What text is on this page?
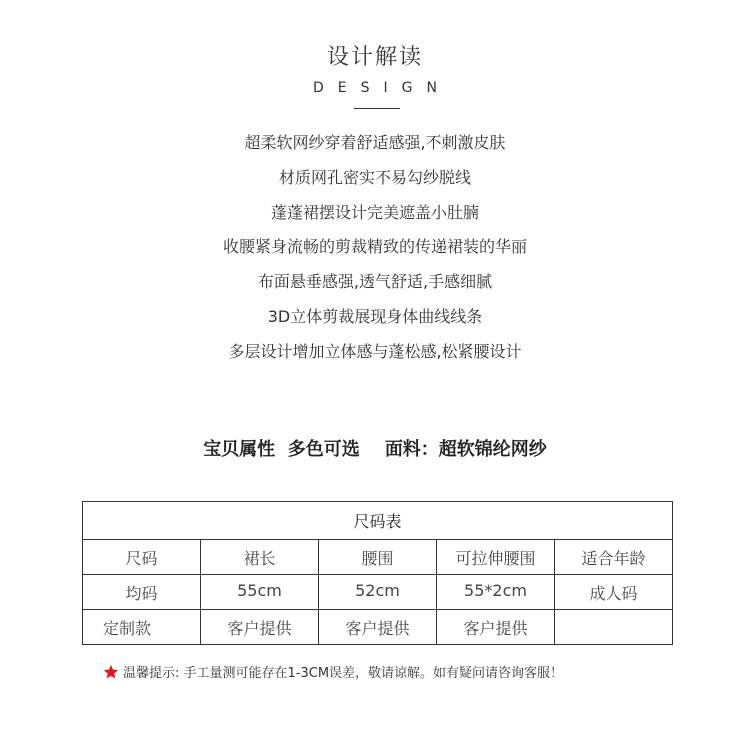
设计解读
DESIGN
超柔软网纱穿着舒适感强,不刺激皮肤
材质网孔密实不易勾纱脱线
蓬蓬裙摆设计完美遮盖小肚腩
收腰紧身流畅的剪裁精致的传递裙装的华丽
布面悬垂感强,透气舒适,手感细腻
3D立体剪裁展现身体曲线线条
多层设计增加立体感与蓬松感,松紧腰设计
宝贝属性 多色可选 面料：超软锦纶网纱
尺码表				
尺码	裙长	腰围	可拉伸腰围	适合年龄
均码	55cm	52cm	55*2cm	成人码
定制款	客户提供	客户提供	客户提供	
温馨提示: 手工量测可能存在1-3CM误差，敬请谅解。如有疑问请咨询客服！
